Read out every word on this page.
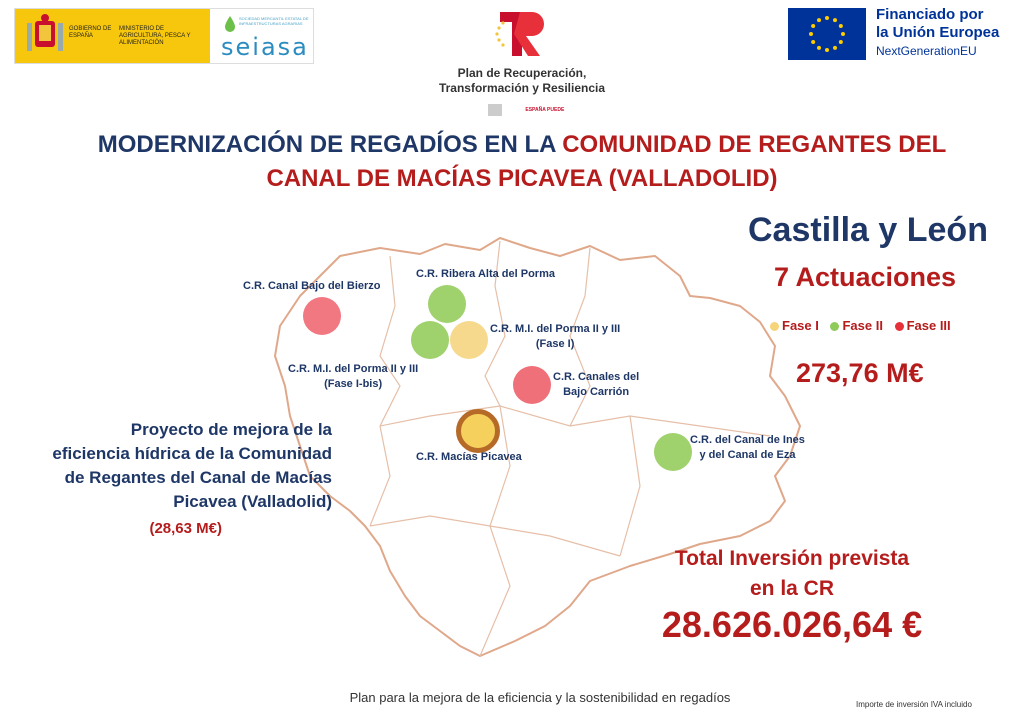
GOBIERNO DE ESPAÑA
MINISTERIO DE AGRICULTURA, PESCA Y ALIMENTACIÓN
SOCIEDAD MERCANTIL ESTATAL DE INFRAESTRUCTURAS AGRARIAS
seiasa
Plan de Recuperación, Transformación y Resiliencia
ESPAÑA PUEDE
Financiado por
la Unión Europea
NextGenerationEU
MODERNIZACIÓN DE REGADÍOS EN LA COMUNIDAD DE REGANTES DEL
CANAL DE MACÍAS PICAVEA (VALLADOLID)
C.R. Canal Bajo del Bierzo
C.R. Ribera Alta del Porma
C.R. M.I. del Porma II y III
(Fase I)
C.R. M.I. del Porma II y III
(Fase I-bis)
C.R. Canales del
Bajo Carrión
C.R. Macías Picavea
C.R. del Canal de Ines
y del Canal de Eza
Castilla y León
7 Actuaciones
Fase I Fase II Fase III
273,76 M€
Proyecto de mejora de la
eficiencia hídrica de la Comunidad
de Regantes del Canal de Macías
Picavea (Valladolid)
(28,63 M€)
Total Inversión prevista
en la CR
28.626.026,64 €
Plan para la mejora de la eficiencia y la sostenibilidad en regadíos	Importe de inversión IVA incluido
